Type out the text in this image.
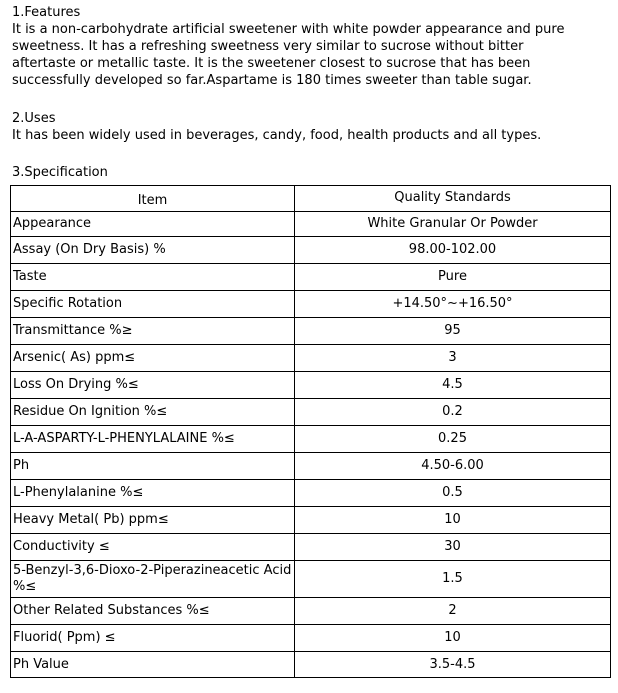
1.Features
It is a non-carbohydrate artificial sweetener with white powder appearance and pure
sweetness. It has a refreshing sweetness very similar to sucrose without bitter
aftertaste or metallic taste. It is the sweetener closest to sucrose that has been
successfully developed so far.Aspartame is 180 times sweeter than table sugar.
2.Uses
It has been widely used in beverages, candy, food, health products and all types.
3.Specification
Item	Quality Standards
Appearance	White Granular Or Powder
Assay (On Dry Basis) %	98.00-102.00
Taste	Pure
Specific Rotation	+14.50°~+16.50°
Transmittance %≥	95
Arsenic( As) ppm≤	3
Loss On Drying %≤	4.5
Residue On Ignition %≤	0.2
L-A-ASPARTY-L-PHENYLALAINE %≤	0.25
Ph	4.50-6.00
L-Phenylalanine %≤	0.5
Heavy Metal( Pb) ppm≤	10
Conductivity ≤	30
5-Benzyl-3,6-Dioxo-2-Piperazineacetic Acid %≤	1.5
Other Related Substances %≤	2
Fluorid( Ppm) ≤	10
Ph Value	3.5-4.5
